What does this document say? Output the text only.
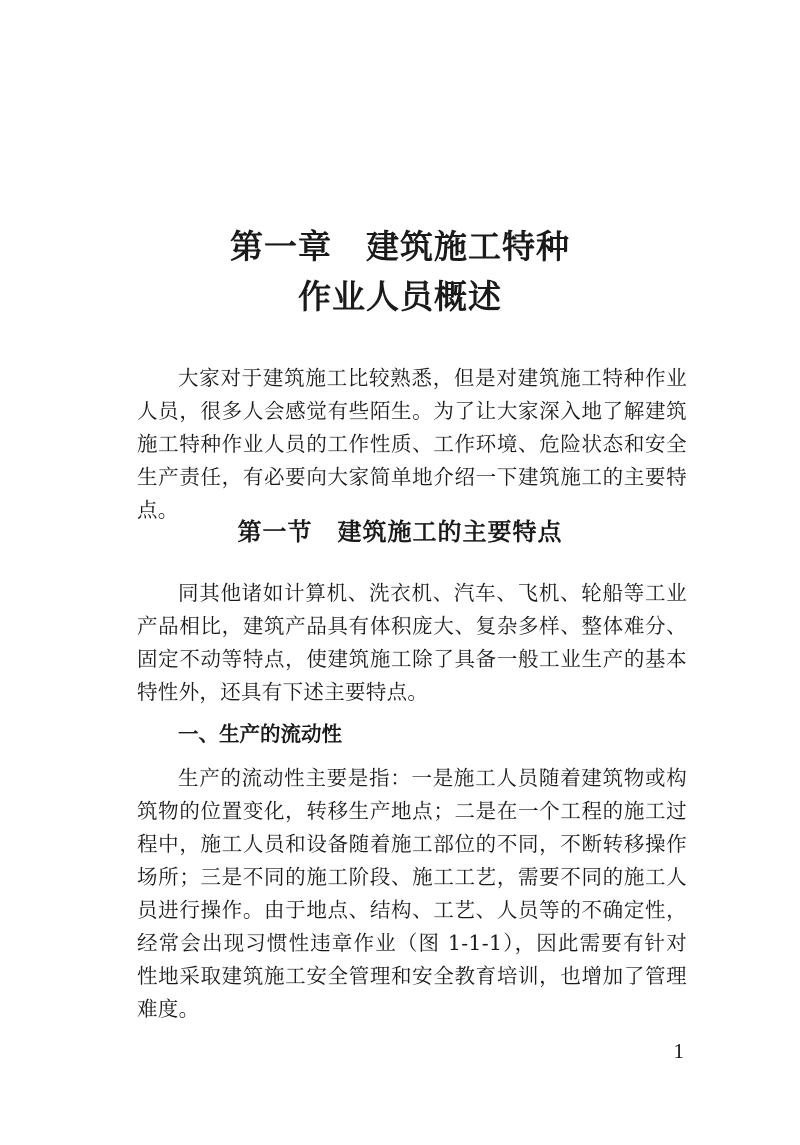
第一章　建筑施工特种
作业人员概述

大家对于建筑施工比较熟悉，但是对建筑施工特种作业人员，很多人会感觉有些陌生。为了让大家深入地了解建筑施工特种作业人员的工作性质、工作环境、危险状态和安全生产责任，有必要向大家简单地介绍一下建筑施工的主要特点。

第一节　建筑施工的主要特点

同其他诸如计算机、洗衣机、汽车、飞机、轮船等工业产品相比，建筑产品具有体积庞大、复杂多样、整体难分、固定不动等特点，使建筑施工除了具备一般工业生产的基本特性外，还具有下述主要特点。

一、生产的流动性

生产的流动性主要是指：一是施工人员随着建筑物或构筑物的位置变化，转移生产地点；二是在一个工程的施工过程中，施工人员和设备随着施工部位的不同，不断转移操作场所；三是不同的施工阶段、施工工艺，需要不同的施工人员进行操作。由于地点、结构、工艺、人员等的不确定性，经常会出现习惯性违章作业（图 1-1-1），因此需要有针对性地采取建筑施工安全管理和安全教育培训，也增加了管理难度。

1
